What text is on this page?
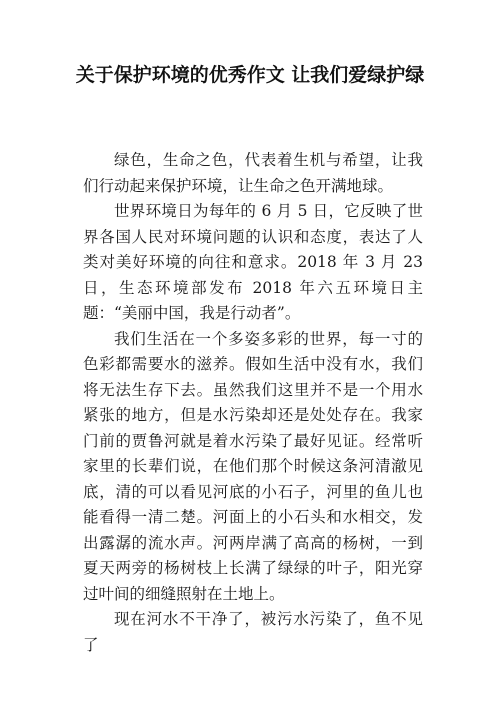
关于保护环境的优秀作文 让我们爱绿护绿

绿色，生命之色，代表着生机与希望，让我们行动起来保护环境，让生命之色开满地球。

世界环境日为每年的 6 月 5 日，它反映了世界各国人民对环境问题的认识和态度，表达了人类对美好环境的向往和意求。2018 年 3 月 23 日，生态环境部发布 2018 年六五环境日主题：“美丽中国，我是行动者”。

我们生活在一个多姿多彩的世界，每一寸的色彩都需要水的滋养。假如生活中没有水，我们将无法生存下去。虽然我们这里并不是一个用水紧张的地方，但是水污染却还是处处存在。我家门前的贾鲁河就是着水污染了最好见证。经常听家里的长辈们说，在他们那个时候这条河清澈见底，清的可以看见河底的小石子，河里的鱼儿也能看得一清二楚。河面上的小石头和水相交，发出露潺的流水声。河两岸满了高高的杨树，一到夏天两旁的杨树枝上长满了绿绿的叶子，阳光穿过叶间的细缝照射在土地上。

现在河水不干净了，被污水污染了，鱼不见了
